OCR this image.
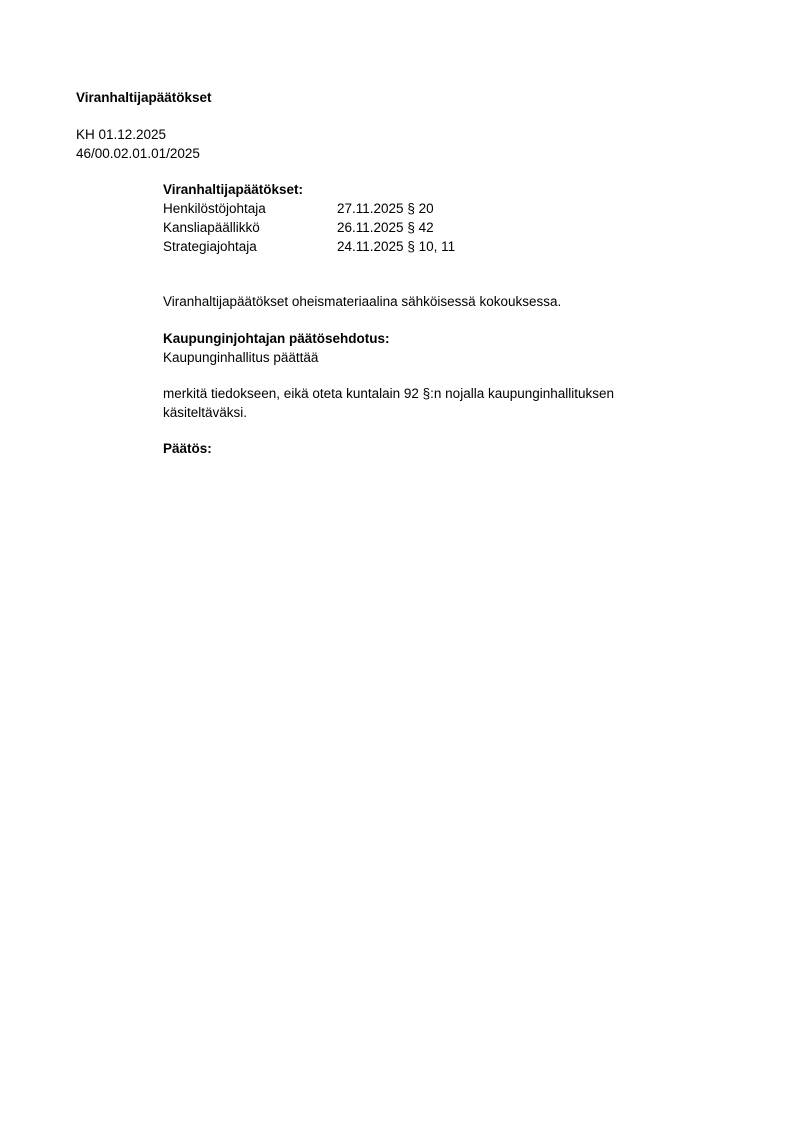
Viranhaltijapäätökset
KH 01.12.2025
46/00.02.01.01/2025
Viranhaltijapäätökset:
Henkilöstöjohtaja	27.11.2025 § 20
Kansliapäällikkö	26.11.2025 § 42
Strategiajohtaja	24.11.2025 § 10, 11

Viranhaltijapäätökset oheismateriaalina sähköisessä kokouksessa.

Kaupunginjohtajan päätösehdotus:
Kaupunginhallitus päättää
merkitä tiedokseen, eikä oteta kuntalain 92 §:n nojalla kaupunginhallituksen
käsiteltäväksi.
Päätös:
